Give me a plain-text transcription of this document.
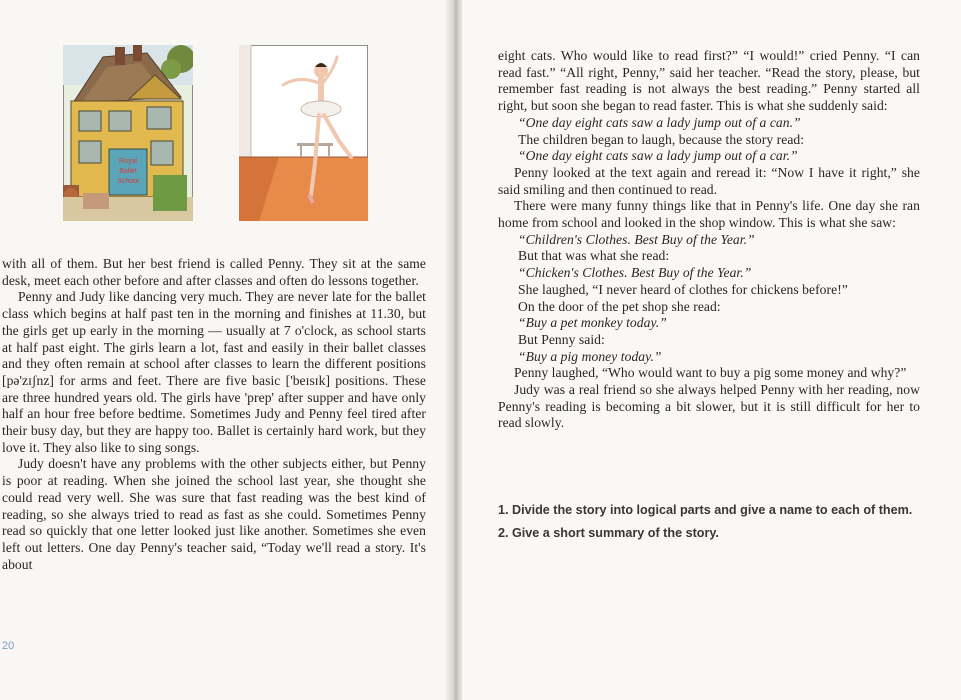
Royal
Ballet
School

with all of them. But her best friend is called Penny. They sit at the same desk, meet each other before and after classes and often do lessons together.

Penny and Judy like dancing very much. They are never late for the ballet class which begins at half past ten in the morning and finishes at 11.30, but the girls get up early in the morning — usually at 7 o'clock, as school starts at half past eight. The girls learn a lot, fast and easily in their ballet classes and they often remain at school after classes to learn the different positions [pə'zɪʃnz] for arms and feet. There are five basic ['beɪsɪk] positions. These are three hundred years old. The girls have 'prep' after supper and have only half an hour free before bedtime. Sometimes Judy and Penny feel tired after their busy day, but they are happy too. Ballet is certainly hard work, but they love it. They also like to sing songs.

Judy doesn't have any problems with the other subjects either, but Penny is poor at reading. When she joined the school last year, she thought she could read very well. She was sure that fast reading was the best kind of reading, so she always tried to read as fast as she could. Sometimes Penny read so quickly that one letter looked just like another. Sometimes she even left out letters. One day Penny's teacher said, “Today we'll read a story. It's about

20

eight cats. Who would like to read first?” “I would!” cried Penny. “I can read fast.” “All right, Penny,” said her teacher. “Read the story, please, but remember fast reading is not always the best reading.” Penny started all right, but soon she began to read faster. This is what she suddenly said:

“One day eight cats saw a lady jump out of a can.”

The children began to laugh, because the story read:

“One day eight cats saw a lady jump out of a car.”

Penny looked at the text again and reread it: “Now I have it right,” she said smiling and then continued to read.

There were many funny things like that in Penny's life. One day she ran home from school and looked in the shop window. This is what she saw:

“Children's Clothes. Best Buy of the Year.”

But that was what she read:

“Chicken's Clothes. Best Buy of the Year.”

She laughed, “I never heard of clothes for chickens before!”

On the door of the pet shop she read:

“Buy a pet monkey today.”

But Penny said:

“Buy a pig money today.”

Penny laughed, “Who would want to buy a pig some money and why?”

Judy was a real friend so she always helped Penny with her reading, now Penny's reading is becoming a bit slower, but it is still difficult for her to read slowly.

1. Divide the story into logical parts and give a name to each of them.

2. Give a short summary of the story.
